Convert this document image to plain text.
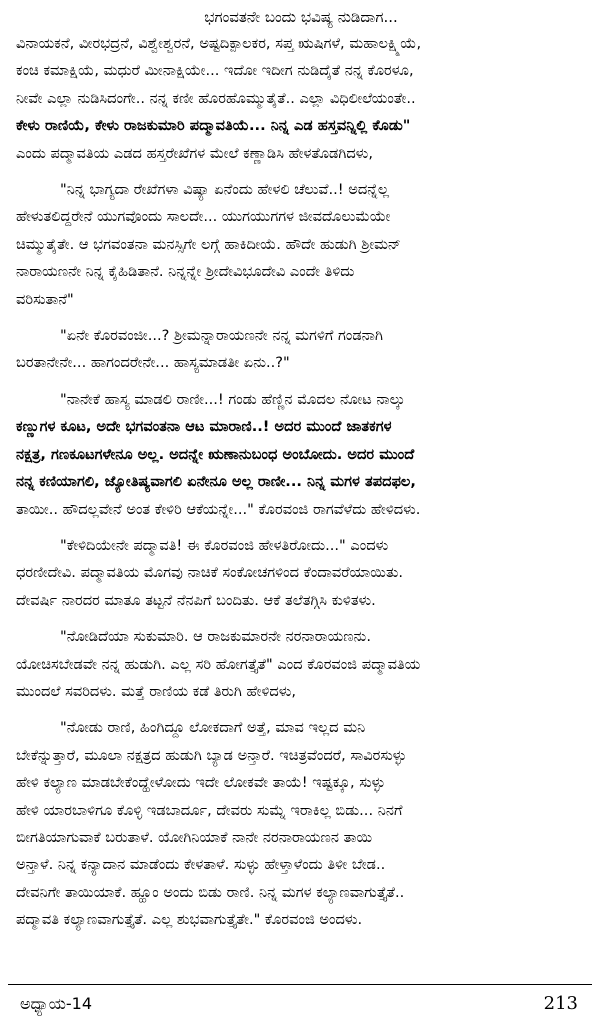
ಭಗಂವತನೇ ಬಂದು ಭವಿಷ್ಯ ನುಡಿದಾಗ...
ವಿನಾಯಕನೆ, ವೀರಭದ್ರನೆ, ವಿಶ್ವೇಶ್ವರನೆ, ಅಷ್ಟದಿಕ್ಪಾಲಕರ, ಸಪ್ತ ಋಷಿಗಳೆ, ಮಹಾಲಕ್ಷ್ಮಿಯೆ,
ಕಂಚಿ ಕಮಾಕ್ಷಿಯೆ, ಮಧುರೆ ಮೀನಾಕ್ಷಿಯೇ... ಇದೋ ಇದೀಗ ನುಡಿದೈತೆ ನನ್ನ ಕೊರಳೂ,
ನೀವೇ ಎಲ್ಲಾ ನುಡಿಸಿದಂಗೇ.. ನನ್ನ ಕಣೀ ಹೊರಹೊಮ್ಮುತೈತೆ.. ಎಲ್ಲಾ ವಿಧಿಲೀಲೆಯಂತೇ..
ಕೇಳು ರಾಣಿಯೆ, ಕೇಳು ರಾಜಕುಮಾರಿ ಪದ್ಮಾವತಿಯೆ... ನಿನ್ನ ಎಡ ಹಸ್ತವನ್ನಿಲ್ಲಿ ಕೊಡು"
ಎಂದು ಪದ್ಮಾವತಿಯ ಎಡದ ಹಸ್ತರೇಖೆಗಳ ಮೇಲೆ ಕಣ್ಣಾಡಿಸಿ ಹೇಳತೊಡಗಿದಳು,
"ನಿನ್ನ ಭಾಗ್ಯದಾ ರೇಖೆಗಳಾ ವಿಷ್ಯಾ ಏನೆಂದು ಹೇಳಲಿ ಚೆಲುವೆ..! ಅದನ್ನೆಲ್ಲ
ಹೇಳುತಲಿದ್ದರೇನೆ ಯುಗವೊಂದು ಸಾಲದೇ... ಯುಗಯುಗಗಳ ಜೀವದೊಲುಮೆಯೇ
ಚಿಮ್ಮುತೈತೇ. ಆ ಭಗವಂತನಾ ಮನಸ್ಸಿಗೇ ಲಗ್ಗೆ ಹಾಕಿದೀಯೆ. ಹೌದೇ ಹುಡುಗಿ ಶ್ರೀಮನ್
ನಾರಾಯಣನೇ ನಿನ್ನ ಕೈಹಿಡಿತಾನೆ. ನಿನ್ನನ್ನೇ ಶ್ರೀದೇವಿಭೂದೇವಿ ಎಂದೇ ತಿಳಿದು
ವರಿಸುತಾನೆ"
"ಏನೇ ಕೊರವಂಜೀ...? ಶ್ರೀಮನ್ನಾರಾಯಣನೇ ನನ್ನ ಮಗಳಿಗೆ ಗಂಡನಾಗಿ
ಬರತಾನೇನೇ... ಹಾಗಂದರೇನೇ... ಹಾಸ್ಯಮಾಡತೀ ಏನು..?"
"ನಾನೇಕೆ ಹಾಸ್ಯ ಮಾಡಲಿ ರಾಣೀ...! ಗಂಡು ಹೆಣ್ಣಿನ ಮೊದಲ ನೋಟ ನಾಲ್ಕು
ಕಣ್ಣುಗಳ ಕೂಟ, ಅದೇ ಭಗವಂತನಾ ಆಟ ಮಾರಾಣಿ..! ಅದರ ಮುಂದೆ ಜಾತಕಗಳ
ನಕ್ಷತ್ರ, ಗಣಕೂಟಗಳೇನೂ ಅಲ್ಲ. ಅದನ್ನೇ ಋಣಾನುಬಂಧ ಅಂಬೋದು. ಅದರ ಮುಂದೆ
ನನ್ನ ಕಣಿಯಾಗಲಿ, ಜ್ಯೋತಿಷ್ಯವಾಗಲಿ ಏನೇನೂ ಅಲ್ಲ ರಾಣೀ... ನಿನ್ನ ಮಗಳ ತಪದಫಲ,
ತಾಯೀ.. ಹೌದಲ್ಲವೇನೆ ಅಂತ ಕೇಳಿರಿ ಆಕೆಯನ್ನೇ..." ಕೊರವಂಜಿ ರಾಗವೆಳೆದು ಹೇಳಿದಳು.
"ಕೇಳಿದಿಯೇನೇ ಪದ್ಮಾವತಿ! ಈ ಕೊರವಂಜಿ ಹೇಳತಿರೋದು..." ಎಂದಳು
ಧರಣೀದೇವಿ. ಪದ್ಮಾವತಿಯ ಮೊಗವು ನಾಚಿಕೆ ಸಂಕೋಚಗಳಿಂದ ಕೆಂದಾವರೆಯಾಯಿತು.
ದೇವರ್ಷಿ ನಾರದರ ಮಾತೂ ತಟ್ಟನೆ ನೆನಪಿಗೆ ಬಂದಿತು. ಆಕೆ ತಲೆತಗ್ಗಿಸಿ ಕುಳಿತಳು.
"ನೋಡಿದೆಯಾ ಸುಕುಮಾರಿ. ಆ ರಾಜಕುಮಾರನೇ ನರನಾರಾಯಣನು.
ಯೋಚಿಸಬೇಡವೇ ನನ್ನ ಹುಡುಗಿ. ಎಲ್ಲ ಸರಿ ಹೋಗತ್ತೈತೆ" ಎಂದ ಕೊರವಂಜಿ ಪದ್ಮಾವತಿಯ
ಮುಂದಲೆ ಸವರಿದಳು. ಮತ್ತೆ ರಾಣಿಯ ಕಡೆ ತಿರುಗಿ ಹೇಳಿದಳು,
"ನೋಡು ರಾಣಿ, ಹಿಂಗಿದ್ದೂ ಲೋಕದಾಗೆ ಅತ್ತೆ, ಮಾವ ಇಲ್ಲದ ಮನಿ
ಬೇಕೆನ್ನುತ್ತಾರೆ, ಮೂಲಾ ನಕ್ಷತ್ರದ ಹುಡುಗಿ ಬ್ಯಾಡ ಅನ್ತಾರೆ. ಇಚಿತ್ರವೆಂದರೆ, ಸಾವಿರಸುಳ್ಳು
ಹೇಳಿ ಕಲ್ಯಾಣ ಮಾಡಬೇಕೆಂದ್ಹೇಳೋದು ಇದೇ ಲೋಕವೇ ತಾಯೆ! ಇಷ್ಟಕ್ಕೂ, ಸುಳ್ಳು
ಹೇಳಿ ಯಾರಬಾಳಿಗೂ ಕೊಳ್ಳಿ ಇಡಬಾರ್ದೂ, ದೇವರು ಸುಮ್ನೆ ಇರಾಕಿಲ್ಲ ಬಿಡು... ನಿನಗೆ
ಬೀಗತಿಯಾಗುವಾಕೆ ಬರುತಾಳೆ. ಯೋಗಿನಿಯಾಕೆ ನಾನೇ ನರನಾರಾಯಣನ ತಾಯಿ
ಅನ್ತಾಳೆ. ನಿನ್ನ ಕನ್ಯಾದಾನ ಮಾಡೆಂದು ಕೇಳತಾಳೆ. ಸುಳ್ಳು ಹೇಳ್ತಾಳೆಂದು ತಿಳೀ ಬೇಡ..
ದೇವನಿಗೇ ತಾಯಿಯಾಕೆ. ಹ್ಹೂಂ ಅಂದು ಬಿಡು ರಾಣಿ. ನಿನ್ನ ಮಗಳ ಕಲ್ಯಾಣವಾಗುತ್ತೈತೆ..
ಪದ್ಮಾವತಿ ಕಲ್ಯಾಣವಾಗುತ್ತೈತೆ. ಎಲ್ಲ ಶುಭವಾಗುತ್ತೈತೇ." ಕೊರವಂಜಿ ಅಂದಳು.
ಅಧ್ಯಾಯ-14	213
